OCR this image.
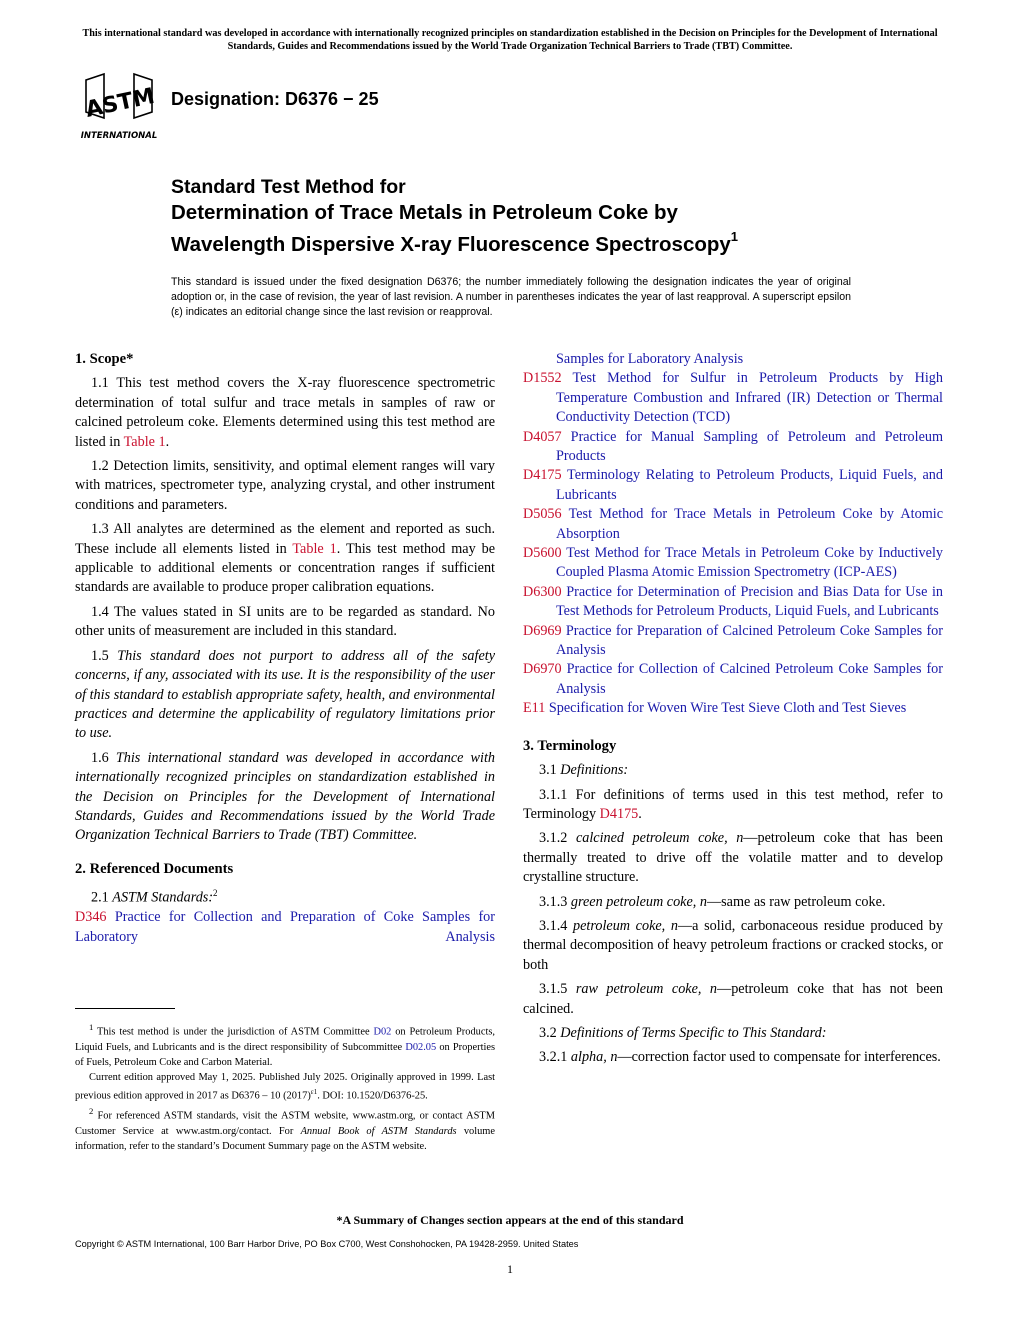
This international standard was developed in accordance with internationally recognized principles on standardization established in the Decision on Principles for the Development of International Standards, Guides and Recommendations issued by the World Trade Organization Technical Barriers to Trade (TBT) Committee.
ASTM
INTERNATIONAL
Designation: D6376 − 25
Standard Test Method for
Determination of Trace Metals in Petroleum Coke by
Wavelength Dispersive X-ray Fluorescence Spectroscopy$^1$
This standard is issued under the fixed designation D6376; the number immediately following the designation indicates the year of original adoption or, in the case of revision, the year of last revision. A number in parentheses indicates the year of last reapproval. A superscript epsilon (ε) indicates an editorial change since the last revision or reapproval.
1. Scope*
1.1 This test method covers the X-ray fluorescence spectrometric determination of total sulfur and trace metals in samples of raw or calcined petroleum coke. Elements determined using this test method are listed in Table 1.
1.2 Detection limits, sensitivity, and optimal element ranges will vary with matrices, spectrometer type, analyzing crystal, and other instrument conditions and parameters.
1.3 All analytes are determined as the element and reported as such. These include all elements listed in Table 1. This test method may be applicable to additional elements or concentration ranges if sufficient standards are available to produce proper calibration equations.
1.4 The values stated in SI units are to be regarded as standard. No other units of measurement are included in this standard.
1.5 This standard does not purport to address all of the safety concerns, if any, associated with its use. It is the responsibility of the user of this standard to establish appropriate safety, health, and environmental practices and determine the applicability of regulatory limitations prior to use.
1.6 This international standard was developed in accordance with internationally recognized principles on standardization established in the Decision on Principles for the Development of International Standards, Guides and Recommendations issued by the World Trade Organization Technical Barriers to Trade (TBT) Committee.
2. Referenced Documents
2.1 ASTM Standards:$^2$
D346 Practice for Collection and Preparation of Coke Samples for Laboratory Analysis
Samples for Laboratory Analysis
D1552 Test Method for Sulfur in Petroleum Products by High Temperature Combustion and Infrared (IR) Detection or Thermal Conductivity Detection (TCD)
D4057 Practice for Manual Sampling of Petroleum and Petroleum Products
D4175 Terminology Relating to Petroleum Products, Liquid Fuels, and Lubricants
D5056 Test Method for Trace Metals in Petroleum Coke by Atomic Absorption
D5600 Test Method for Trace Metals in Petroleum Coke by Inductively Coupled Plasma Atomic Emission Spectrometry (ICP-AES)
D6300 Practice for Determination of Precision and Bias Data for Use in Test Methods for Petroleum Products, Liquid Fuels, and Lubricants
D6969 Practice for Preparation of Calcined Petroleum Coke Samples for Analysis
D6970 Practice for Collection of Calcined Petroleum Coke Samples for Analysis
E11 Specification for Woven Wire Test Sieve Cloth and Test Sieves
3. Terminology
3.1 Definitions:
3.1.1 For definitions of terms used in this test method, refer to Terminology D4175.
3.1.2 calcined petroleum coke, n—petroleum coke that has been thermally treated to drive off the volatile matter and to develop crystalline structure.
3.1.3 green petroleum coke, n—same as raw petroleum coke.
3.1.4 petroleum coke, n—a solid, carbonaceous residue produced by thermal decomposition of heavy petroleum fractions or cracked stocks, or both
3.1.5 raw petroleum coke, n—petroleum coke that has not been calcined.
3.2 Definitions of Terms Specific to This Standard:
3.2.1 alpha, n—correction factor used to compensate for interferences.
$^1$ This test method is under the jurisdiction of ASTM Committee D02 on Petroleum Products, Liquid Fuels, and Lubricants and is the direct responsibility of Subcommittee D02.05 on Properties of Fuels, Petroleum Coke and Carbon Material.
Current edition approved May 1, 2025. Published July 2025. Originally approved in 1999. Last previous edition approved in 2017 as D6376 – 10 $(2017)^{\varepsilon 1}$. DOI: 10.1520/D6376-25.
$^2$ For referenced ASTM standards, visit the ASTM website, www.astm.org, or contact ASTM Customer Service at www.astm.org/contact. For Annual Book of ASTM Standards volume information, refer to the standard’s Document Summary page on the ASTM website.
*A Summary of Changes section appears at the end of this standard
Copyright © ASTM International, 100 Barr Harbor Drive, PO Box C700, West Conshohocken, PA 19428-2959. United States
1
